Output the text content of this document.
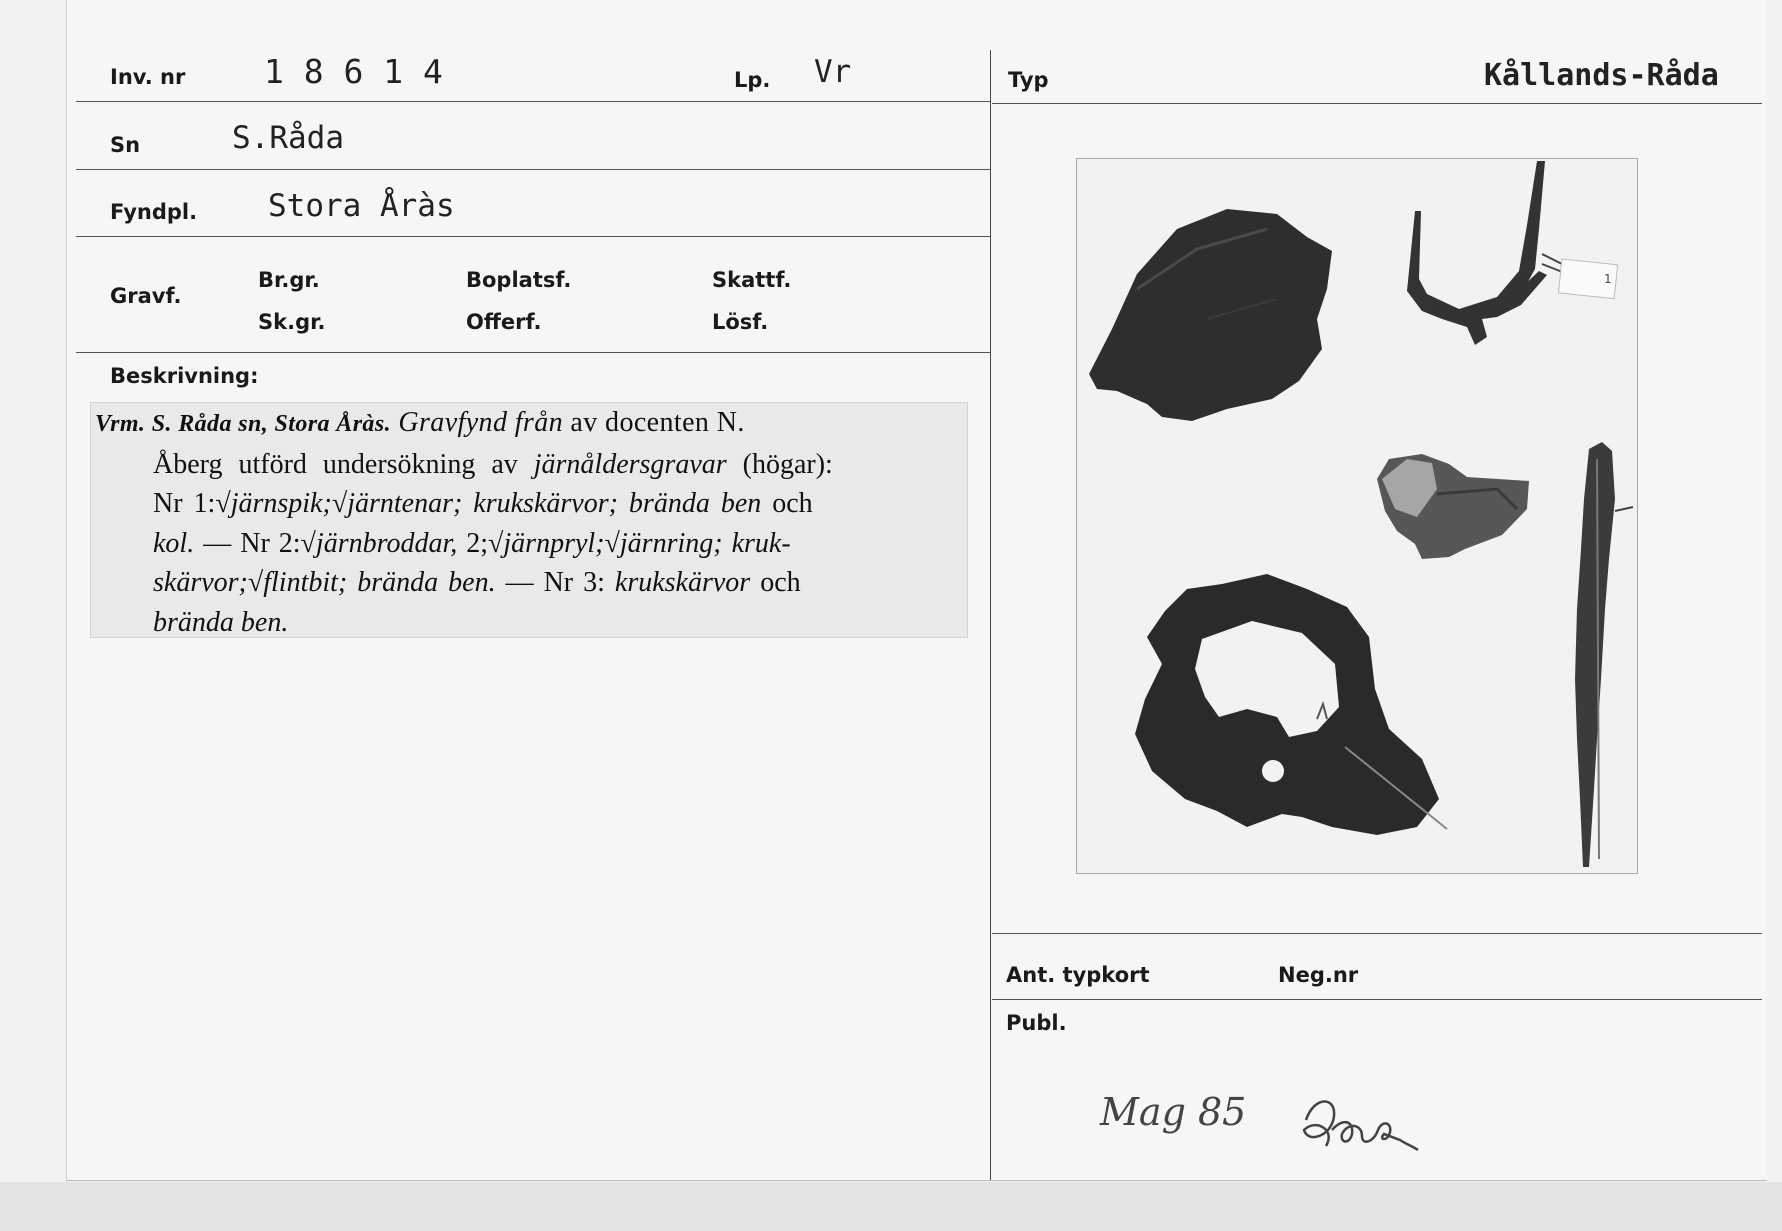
Inv. nr 1 8 6 1 4	Lp. Vr	Typ	Kållands-Råda
Sn	S.Råda
Fyndpl. Stora Åràs
Gravf.
Br.gr.	Boplatsf.	Skattf.
Sk.gr.	Offerf.	Lösf.
Beskrivning:
Vrm. S. Råda sn, Stora Åràs. Gravfynd från av docenten N.
Åberg utförd undersökning av järnåldersgravar (högar):
Nr 1:√järnspik;√järntenar; krukskärvor; brända ben och
kol. — Nr 2:√järnbroddar, 2;√järnpryl;√järnring; kruk-
skärvor;√flintbit; brända ben. — Nr 3: krukskärvor och
brända ben.
1
Ant. typkort	Neg.nr
Publ.
Mag 85
